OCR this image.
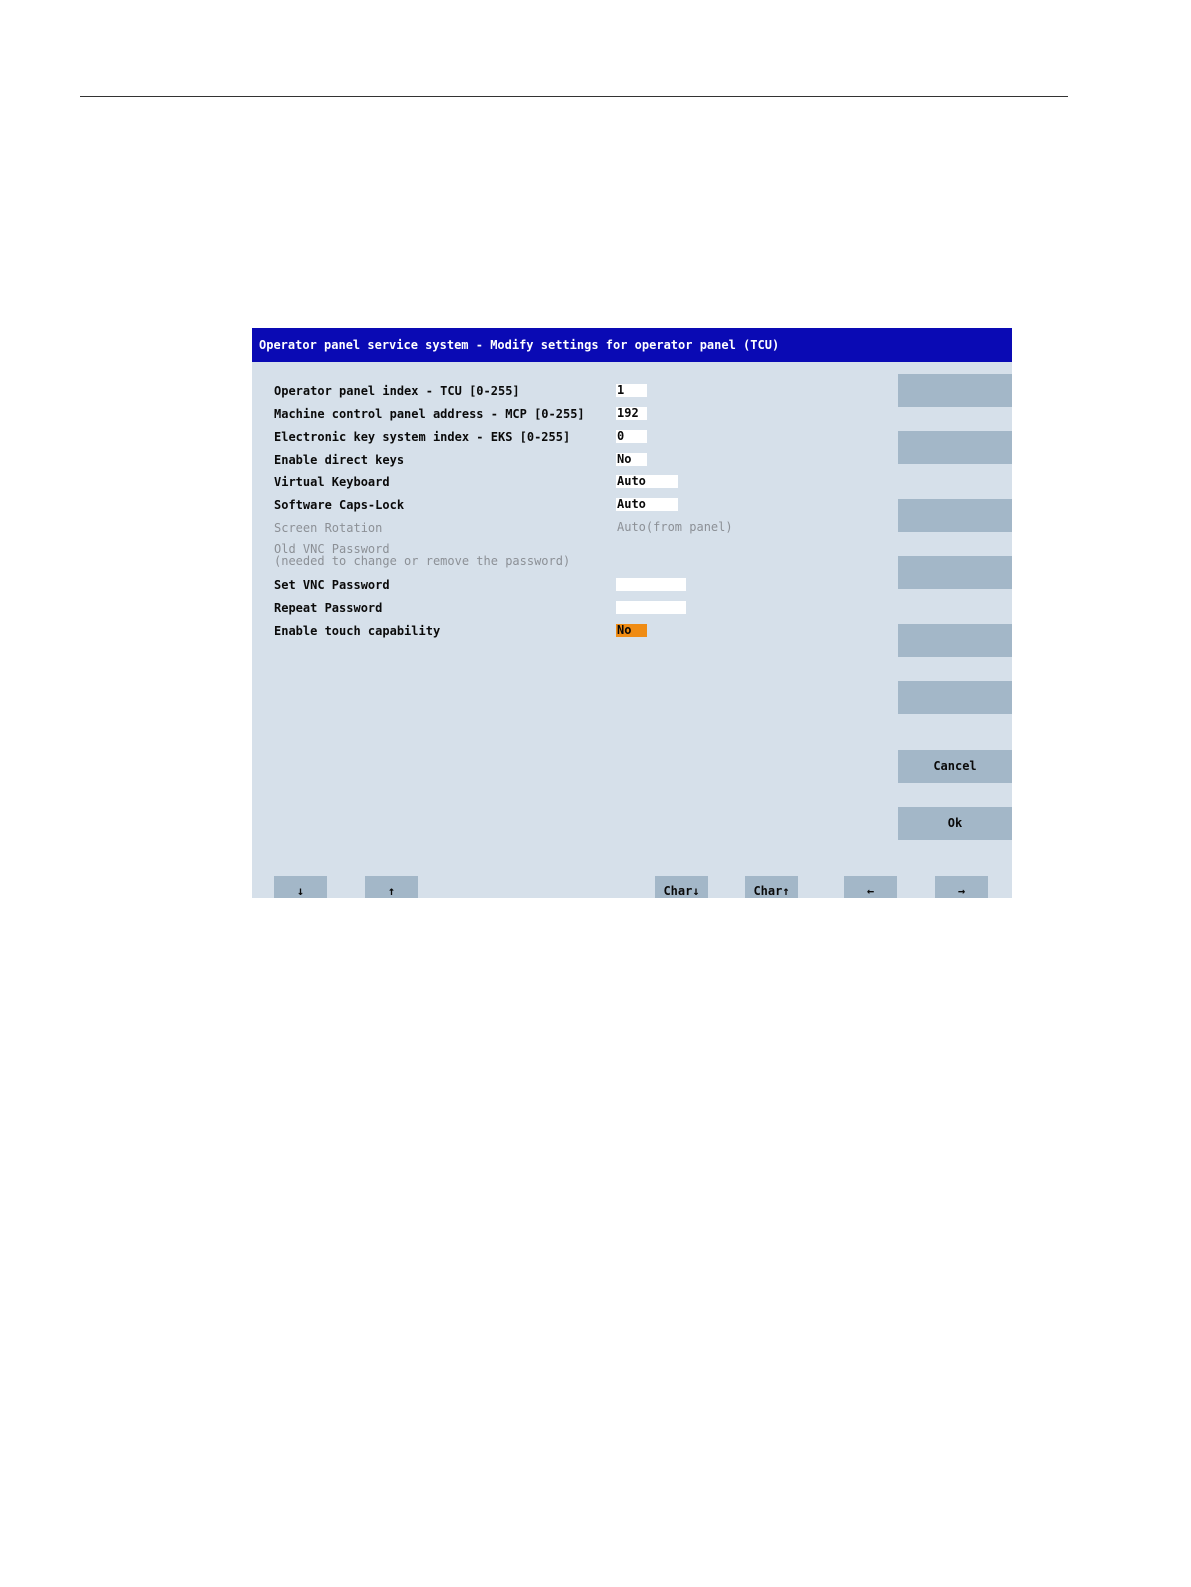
Operator panel service system - Modify settings for operator panel (TCU)
Operator panel index - TCU [0-255]	1
Machine control panel address - MCP [0-255]	192
Electronic key system index - EKS [0-255]	0
Enable direct keys	No
Virtual Keyboard	Auto
Software Caps-Lock	Auto
Screen Rotation	Auto(from panel)
Old VNC Password
(needed to change or remove the password)
Set VNC Password
Repeat Password
Enable touch capability	No
Cancel
Ok
↓	↑	Char↓	Char↑	←	→
